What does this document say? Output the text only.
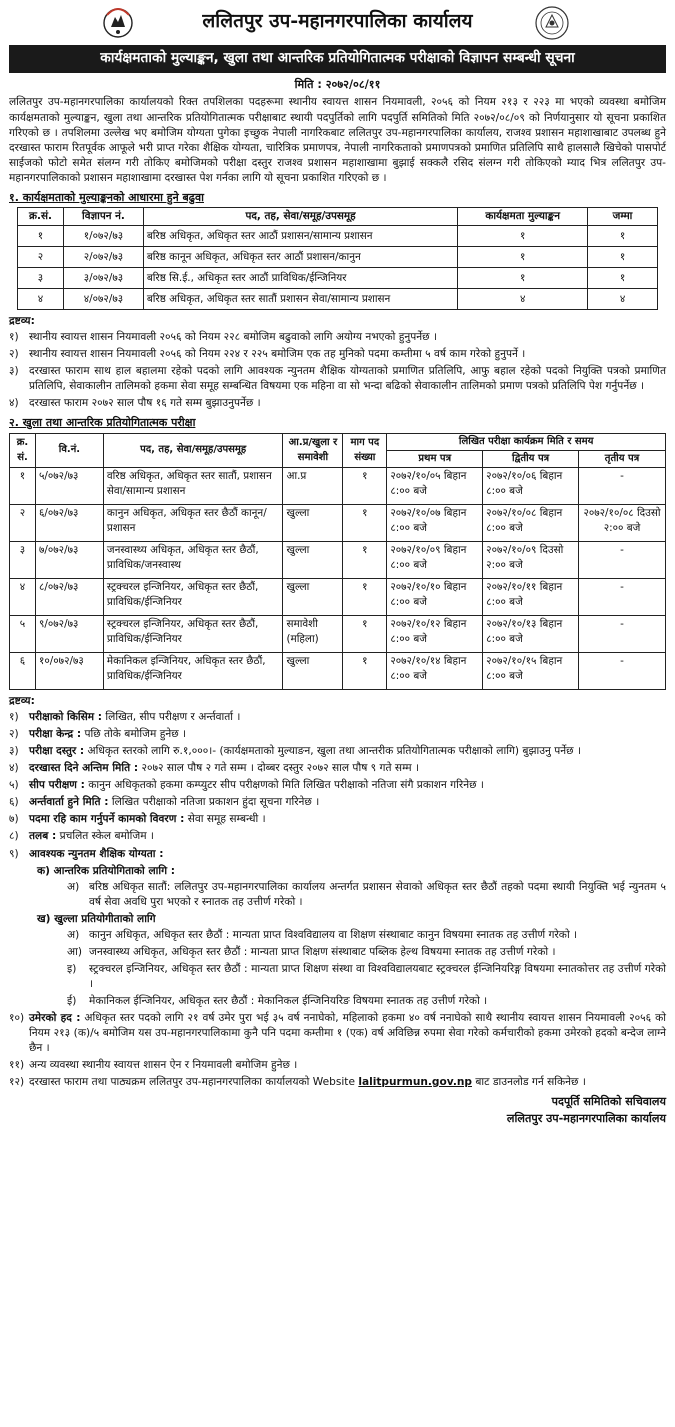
ललितपुर उप-महानगरपालिका कार्यालय
कार्यक्षमताको मुल्याङ्कन, खुला तथा आन्तरिक प्रतियोगितात्मक परीक्षाको विज्ञापन सम्बन्धी सूचना
मिति : २०७२/०८/११

ललितपुर उप-महानगरपालिका कार्यालयको रिक्त तपशिलका पदहरूमा स्थानीय स्वायत्त शासन नियमावली, २०५६ को नियम २१३ र २२३ मा भएको व्यवस्था बमोजिम कार्यक्षमताको मुल्याङ्कन, खुला तथा आन्तरिक प्रतियोगितात्मक परीक्षाबाट स्थायी पदपुर्तिको लागि पदपुर्ति समितिको मिति २०७२/०८/०९ को निर्णयानुसार यो सूचना प्रकाशित गरिएको छ । तपशिलमा उल्लेख भए बमोजिम योग्यता पुगेका इच्छुक नेपाली नागरिकबाट ललितपुर उप-महानगरपालिका कार्यालय, राजश्व प्रशासन महाशाखाबाट उपलब्ध हुने दरखास्त फाराम रितपूर्वक आफूले भरी प्राप्त गरेका शैक्षिक योग्यता, चारित्रिक प्रमाणपत्र, नेपाली नागरिकताको प्रमाणपत्रको प्रमाणित प्रतिलिपि साथै हालसालै खिचेको पासपोर्ट साईजको फोटो समेत संलग्न गरी तोकिए बमोजिमको परीक्षा दस्तुर राजश्व प्रशासन महाशाखामा बुझाई सक्कलै रसिद संलग्न गरी तोकिएको म्याद भित्र ललितपुर उप-महानगरपालिकाको प्रशासन महाशाखामा दरखास्त पेश गर्नका लागि यो सूचना प्रकाशित गरिएको छ ।

१. कार्यक्षमताको मुल्याङ्कनको आधारमा हुने बढुवा
क्र.सं.	विज्ञापन नं.	पद, तह, सेवा/समूह/उपसमूह	कार्यक्षमता मुल्याङ्कन	जम्मा
१	१/०७२/७३	बरिष्ठ अधिकृत, अधिकृत स्तर आठौं प्रशासन/सामान्य प्रशासन	१	१
२	२/०७२/७३	बरिष्ठ कानून अधिकृत, अधिकृत स्तर आठौं प्रशासन/कानुन	१	१
३	३/०७२/७३	बरिष्ठ सि.ई., अधिकृत स्तर आठौं प्राविधिक/ईन्जिनियर	१	१
४	४/०७२/७३	बरिष्ठ अधिकृत, अधिकृत स्तर सातौं प्रशासन सेवा/सामान्य प्रशासन	४	४
द्रष्टव्य:
१) स्थानीय स्वायत्त शासन नियमावली २०५६ को नियम २२८ बमोजिम बढुवाको लागि अयोग्य नभएको हुनुपर्नेछ ।
२) स्थानीय स्वायत्त शासन नियमावली २०५६ को नियम २२४ र २२५ बमोजिम एक तह मुनिको पदमा कम्तीमा ५ वर्ष काम गरेको हुनुपर्ने ।
३) दरखास्त फाराम साथ हाल बहालमा रहेको पदको लागि आवश्यक न्युनतम शैक्षिक योग्यताको प्रमाणित प्रतिलिपि, आफु बहाल रहेको पदको नियुक्ति पत्रको प्रमाणित प्रतिलिपि, सेवाकालीन तालिमको हकमा सेवा समूह सम्बन्धित विषयमा एक महिना वा सो भन्दा बढिको सेवाकालीन तालिमको प्रमाण पत्रको प्रतिलिपि पेश गर्नुपर्नेछ ।
४) दरखास्त फाराम २०७२ साल पौष १६ गते सम्म बुझाउनुपर्नेछ ।
२. खुला तथा आन्तरिक प्रतियोगितात्मक परीक्षा
क्र. सं.	वि.नं.	पद, तह, सेवा/समूह/उपसमूह	आ.प्र/खुला र समावेशी	माग पद संख्या	लिखित परीक्षा कार्यक्रम मिति र समय		
					प्रथम पत्र	द्वितीय पत्र	तृतीय पत्र
१	५/०७२/७३	वरिष्ठ अधिकृत, अधिकृत स्तर सातौं, प्रशासन सेवा/सामान्य प्रशासन	आ.प्र	१	२०७२/१०/०५ बिहान ८:०० बजे	२०७२/१०/०६ बिहान ८:०० बजे	-
२	६/०७२/७३	कानुन अधिकृत, अधिकृत स्तर छैठौं कानून/प्रशासन	खुल्ला	१	२०७२/१०/०७ बिहान ८:०० बजे	२०७२/१०/०८ बिहान ८:०० बजे	२०७२/१०/०८ दिउसो २:०० बजे
३	७/०७२/७३	जनस्वास्थ्य अधिकृत, अधिकृत स्तर छैठौं, प्राविधिक/जनस्वास्थ	खुल्ला	१	२०७२/१०/०९ बिहान ८:०० बजे	२०७२/१०/०९ दिउसो २:०० बजे	-
४	८/०७२/७३	स्ट्रक्चरल इन्जिनियर, अधिकृत स्तर छैठौं, प्राविधिक/ईन्जिनियर	खुल्ला	१	२०७२/१०/१० बिहान ८:०० बजे	२०७२/१०/११ बिहान ८:०० बजे	-
५	९/०७२/७३	स्ट्रक्चरल इन्जिनियर, अधिकृत स्तर छैठौं, प्राविधिक/ईन्जिनियर	समावेशी (महिला)	१	२०७२/१०/१२ बिहान ८:०० बजे	२०७२/१०/१३ बिहान ८:०० बजे	-
६	१०/०७२/७३	मेकानिकल इन्जिनियर, अधिकृत स्तर छैठौं, प्राविधिक/ईन्जिनियर	खुल्ला	१	२०७२/१०/१४ बिहान ८:०० बजे	२०७२/१०/१५ बिहान ८:०० बजे	-
द्रष्टव्य:
१) परीक्षाको किसिम : लिखित, सीप परीक्षण र अर्न्तवार्ता ।
२) परीक्षा केन्द्र : पछि तोके बमोजिम हुनेछ ।
३) परीक्षा दस्तुर : अधिकृत स्तरको लागि रु.१,०००।- (कार्यक्षमताको मुल्याङन, खुला तथा आन्तरीक प्रतियोगितात्मक परीक्षाको लागि) बुझाउनु पर्नेछ ।
४) दरखास्त दिने अन्तिम मिति : २०७२ साल पौष २ गते सम्म । दोब्बर दस्तुर २०७२ साल पौष ९ गते सम्म ।
५) सीप परीक्षण : कानुन अधिकृतको हकमा कम्प्युटर सीप परीक्षणको मिति लिखित परीक्षाको नतिजा संगै प्रकाशन गरिनेछ ।
६) अर्न्तवार्ता हुने मिति : लिखित परीक्षाको नतिजा प्रकाशन हुंदा सूचना गरिनेछ ।
७) पदमा रहि काम गर्नुपर्ने कामको विवरण : सेवा समूह सम्बन्धी ।
८) तलब : प्रचलित स्केल बमोजिम ।
९) आवश्यक न्युनतम शैक्षिक योग्यता :
क) आन्तरिक प्रतियोगिताको लागि :
अ) बरिष्ठ अधिकृत सातौं: ललितपुर उप-महानगरपालिका कार्यालय अन्तर्गत प्रशासन सेवाको अधिकृत स्तर छैठौं तहको पदमा स्थायी नियुक्ति भई न्युनतम ५ वर्ष सेवा अवधि पुरा भएको र स्नातक तह उत्तीर्ण गरेको ।
ख) खुल्ला प्रतियोगीताको लागि
अ) कानुन अधिकृत, अधिकृत स्तर छैठौं : मान्यता प्राप्त विश्वविद्यालय वा शिक्षण संस्थाबाट कानुन विषयमा स्नातक तह उत्तीर्ण गरेको ।
आ) जनस्वास्थ्य अधिकृत, अधिकृत स्तर छैठौं : मान्यता प्राप्त शिक्षण संस्थाबाट पब्लिक हेल्थ विषयमा स्नातक तह उत्तीर्ण गरेको ।
इ) स्ट्रक्चरल इन्जिनियर, अधिकृत स्तर छैठौं : मान्यता प्राप्त शिक्षण संस्था वा विश्वविद्यालयबाट स्ट्रक्चरल ईन्जिनियरिङ्ग विषयमा स्नातकोत्तर तह उत्तीर्ण गरेको ।
ई) मेकानिकल ईन्जिनियर, अधिकृत स्तर छैठौं : मेकानिकल ईन्जिनियरिङ विषयमा स्नातक तह उत्तीर्ण गरेको ।
१०) उमेरको हद : अधिकृत स्तर पदको लागि २१ वर्ष उमेर पुरा भई ३५ वर्ष ननाघेको, महिलाको हकमा ४० वर्ष ननाघेको साथै स्थानीय स्वायत्त शासन नियमावली २०५६ को नियम २१३ (क)/५ बमोजिम यस उप-महानगरपालिकामा कुनै पनि पदमा कम्तीमा १ (एक) वर्ष अविछिन्न रुपमा सेवा गरेको कर्मचारीको हकमा उमेरको हदको बन्देज लाग्ने छैन ।
११) अन्य व्यवस्था स्थानीय स्वायत्त शासन ऐन र नियमावली बमोजिम हुनेछ ।
१२) दरखास्त फाराम तथा पाठ्यक्रम ललितपुर उप-महानगरपालिका कार्यालयको Website lalitpurmun.gov.np बाट डाउनलोड गर्न सकिनेछ ।
पदपूर्ति समितिको सचिवालय
ललितपुर उप-महानगरपालिका कार्यालय
